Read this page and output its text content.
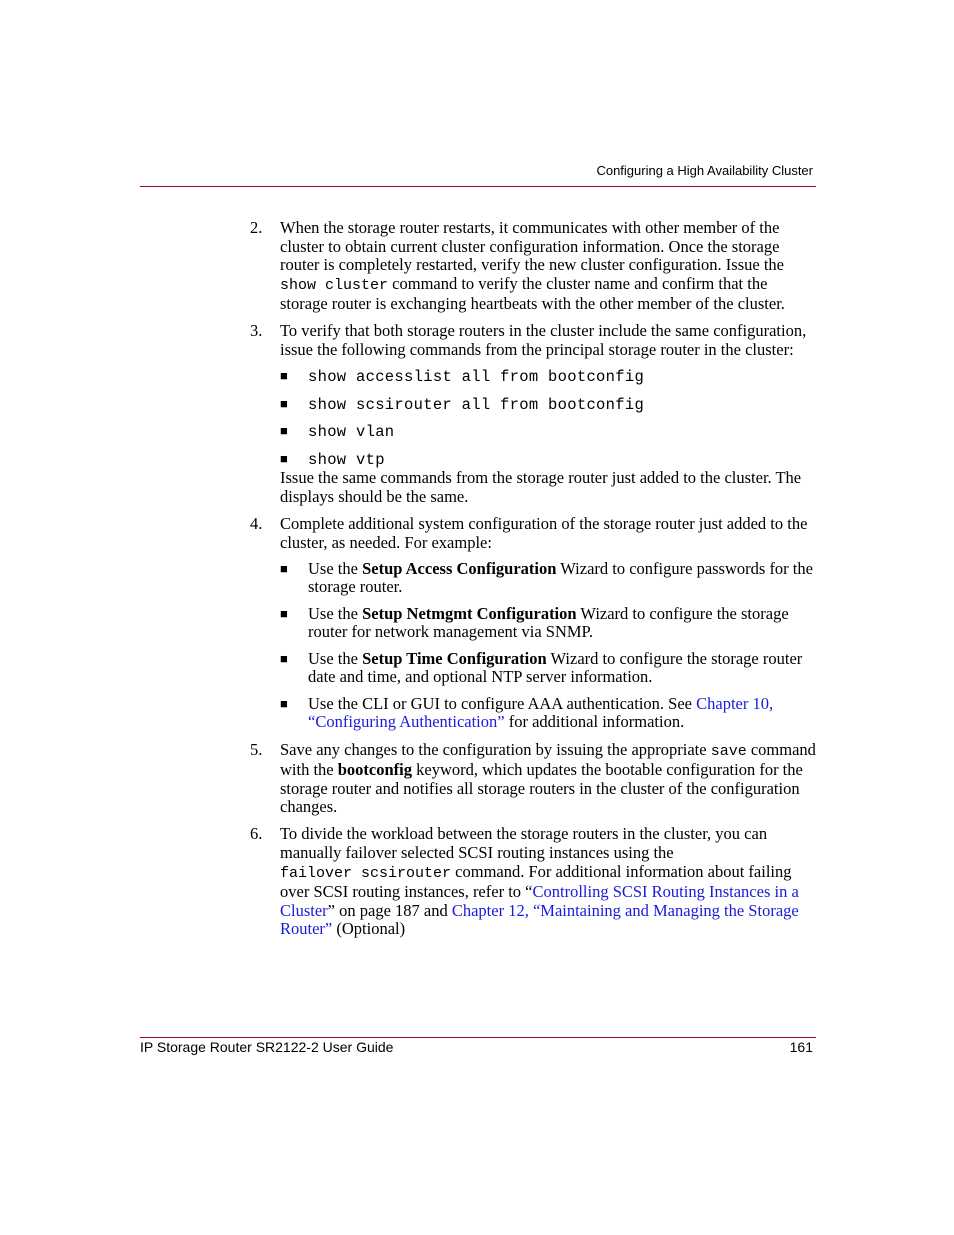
Configuring a High Availability Cluster
2. When the storage router restarts, it communicates with other member of the cluster to obtain current cluster configuration information. Once the storage router is completely restarted, verify the new cluster configuration. Issue the
show cluster command to verify the cluster name and confirm that the storage router is exchanging heartbeats with the other member of the cluster.

3. To verify that both storage routers in the cluster include the same configuration, issue the following commands from the principal storage router in the cluster:

■ show accesslist all from bootconfig
■ show scsirouter all from bootconfig
■ show vlan
■ show vtp

Issue the same commands from the storage router just added to the cluster. The displays should be the same.

4. Complete additional system configuration of the storage router just added to the cluster, as needed. For example:

■ Use the Setup Access Configuration Wizard to configure passwords for the storage router.
■ Use the Setup Netmgmt Configuration Wizard to configure the storage router for network management via SNMP.
■ Use the Setup Time Configuration Wizard to configure the storage router date and time, and optional NTP server information.
■ Use the CLI or GUI to configure AAA authentication. See Chapter 10, “Configuring Authentication” for additional information.
5. Save any changes to the configuration by issuing the appropriate save command with the bootconfig keyword, which updates the bootable configuration for the storage router and notifies all storage routers in the cluster of the configuration changes.

6. To divide the workload between the storage routers in the cluster, you can manually failover selected SCSI routing instances using the
failover scsirouter command. For additional information about failing over SCSI routing instances, refer to “Controlling SCSI Routing Instances in a Cluster” on page 187 and Chapter 12, “Maintaining and Managing the Storage Router” (Optional)

IP Storage Router SR2122-2 User Guide	161
